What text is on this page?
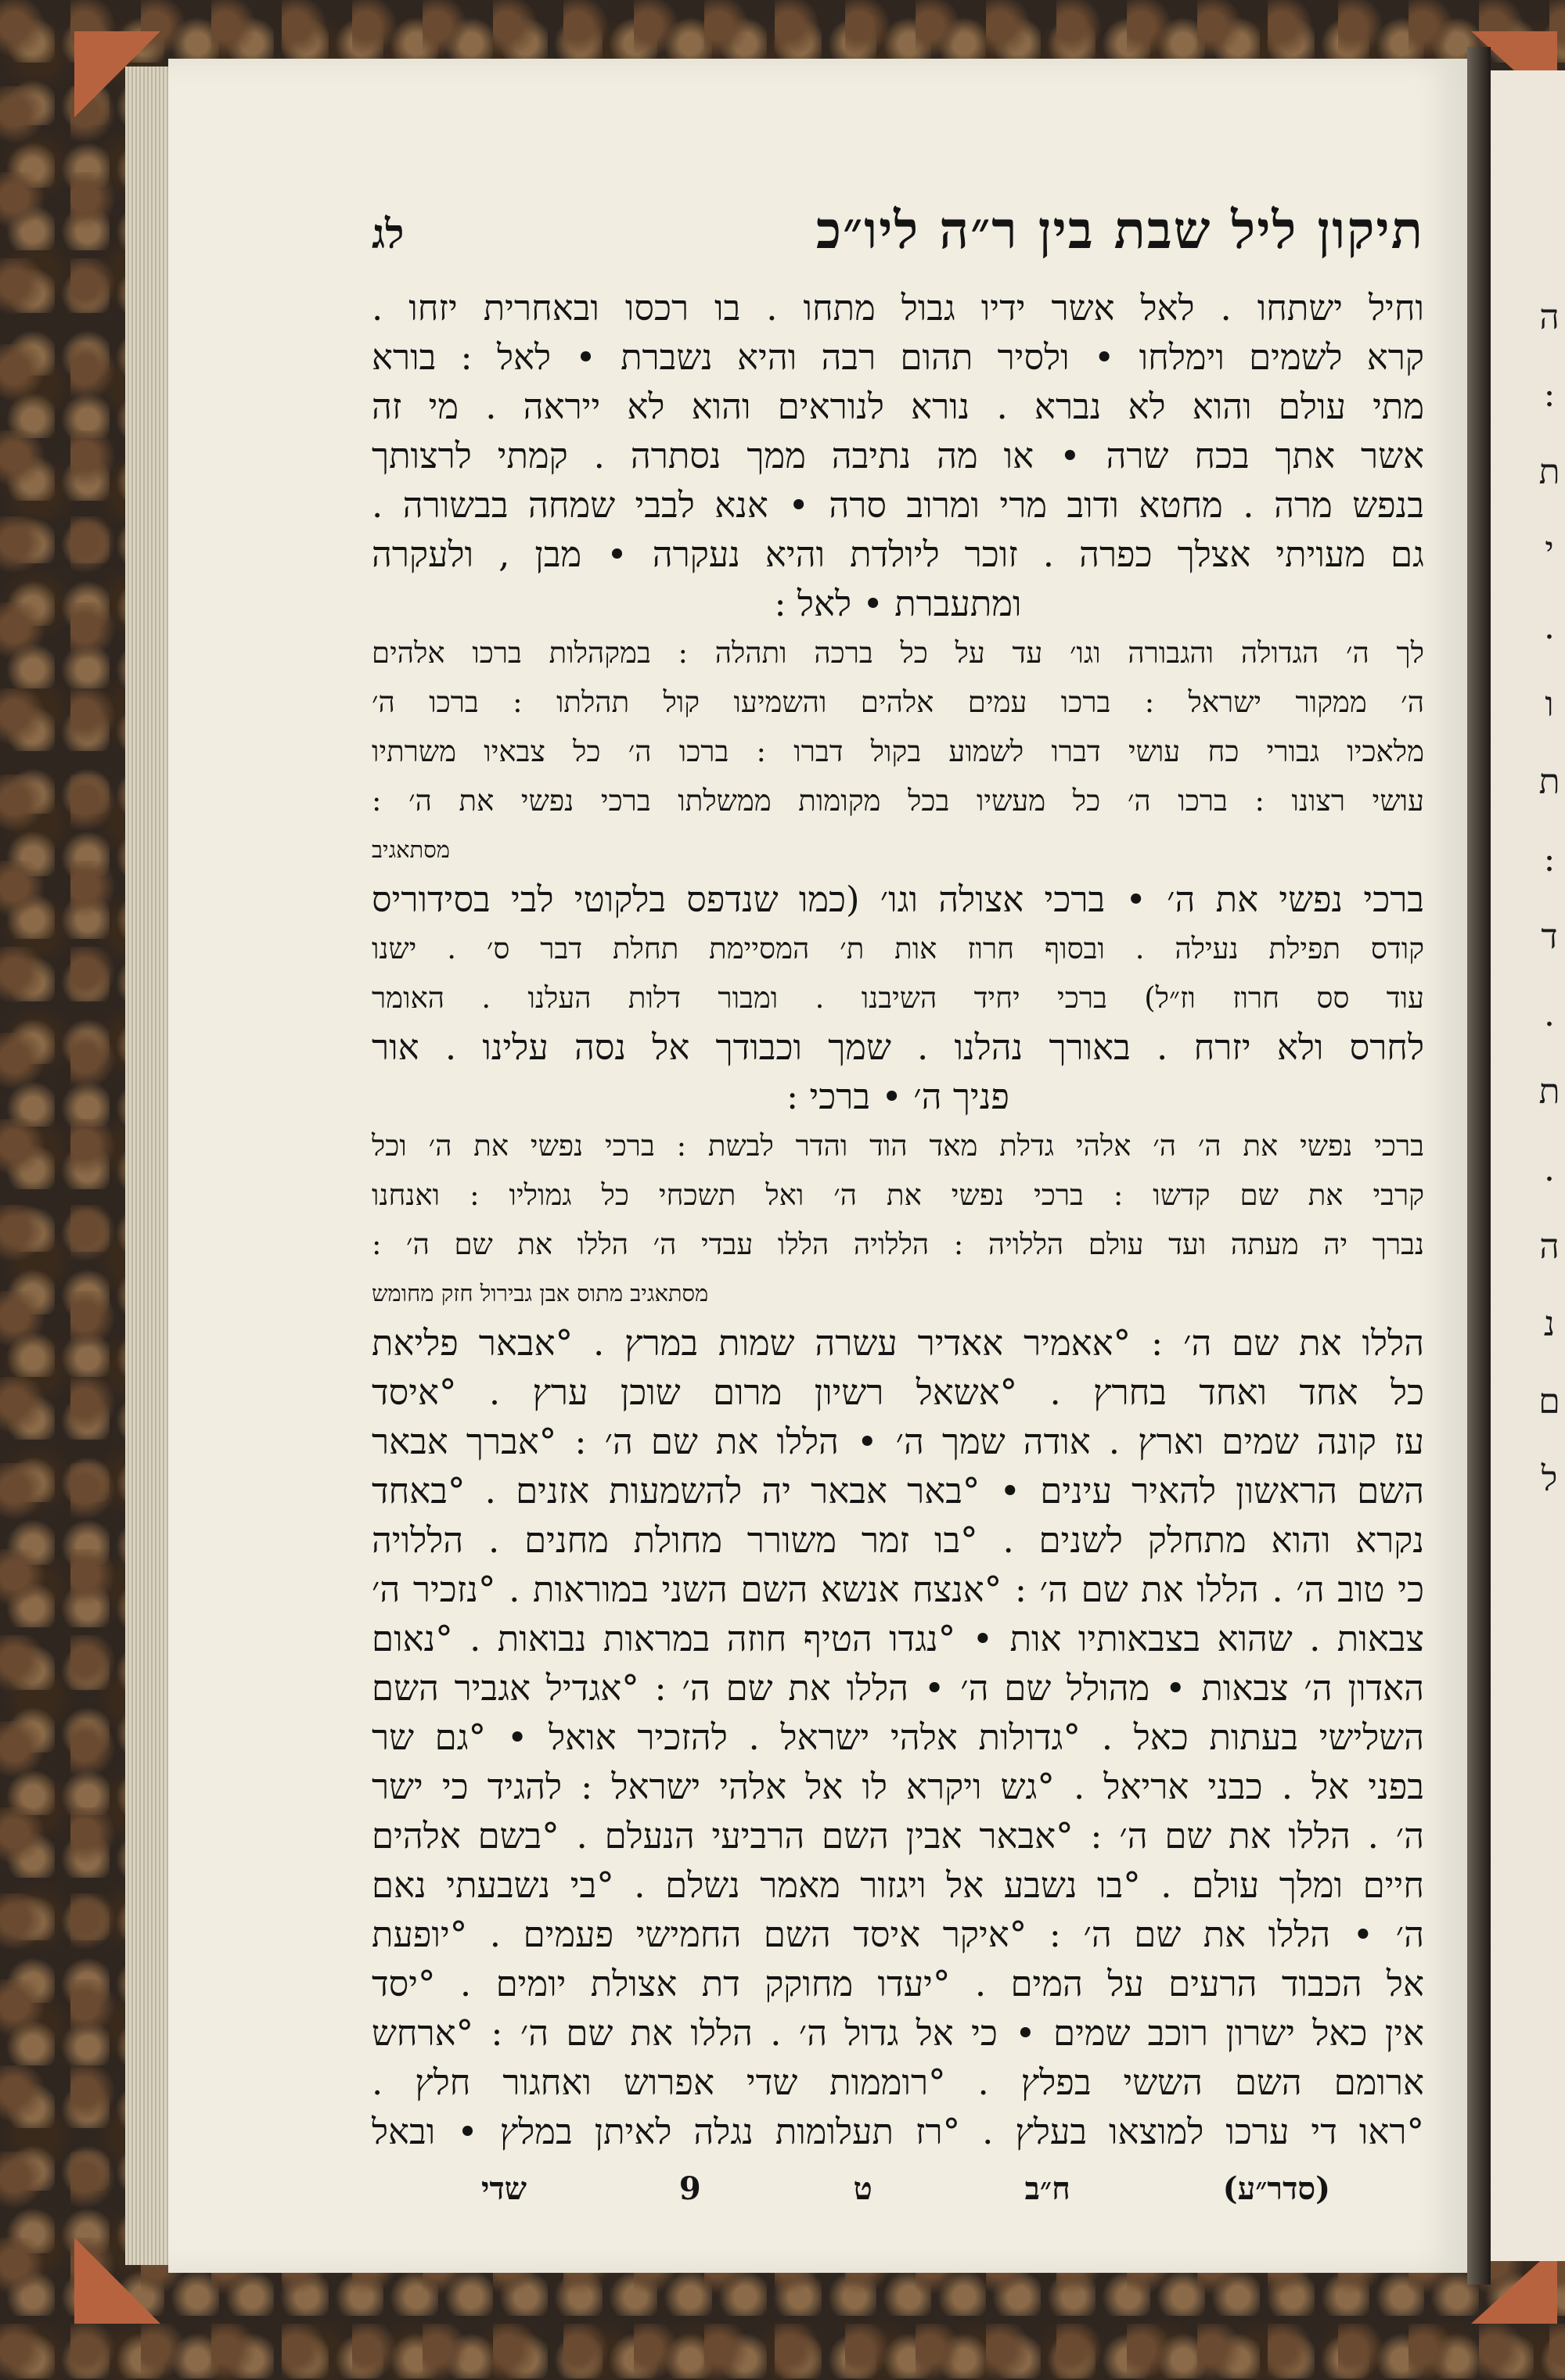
ה
:
ת
י
.
ו
ת
:
ד
.
ת
.
ה
נ
ם
ל
תיקון ליל שבת בין ר״ה ליו״כ
לג
וחיל ישתחו . לאל אשר ידיו גבול מתחו . בו רכסו ובאחרית יזחו .
קרא לשמים וימלחו • ולסיר תהום רבה והיא נשברת • לאל : בורא
מתי עולם והוא לא נברא . נורא לנוראים והוא לא ייראה . מי זה
אשר אתך בכח שרה • או מה נתיבה ממך נסתרה . קמתי לרצותך
בנפש מרה . מחטא ודוב מרי ומרוב סרה • אנא לבבי שמחה בבשורה .
גם מעויתי אצלך כפרה . זוכר ליולדת והיא נעקרה • מבן , ולעקרה
ומתעברת • לאל :
לך ה׳ הגדולה והגבורה וגו׳ עד על כל ברכה ותהלה : במקהלות ברכו אלהים
ה׳ ממקור ישראל : ברכו עמים אלהים והשמיעו קול תהלתו : ברכו ה׳
מלאכיו גבורי כח עושי דברו לשמוע בקול דברו : ברכו ה׳ כל צבאיו משרתיו
עושי רצונו : ברכו ה׳ כל מעשיו בכל מקומות ממשלתו ברכי נפשי את ה׳ :
מסתאגיב
ברכי נפשי את ה׳ • ברכי אצולה וגו׳ (כמו שנדפס בלקוטי לבי בסידוריס
קודס תפילת נעילה . ובסוף חרוז אות ת׳ המסיימת תחלת דבר ס׳ . ישנו
עוד סס חרוז וז״ל) ברכי יחיד השיבנו . ומבור דלות העלנו . האומר
לחרס ולא יזרח . באורך נהלנו . שמך וכבודך אל נסה עלינו . אור
פניך ה׳ • ברכי :
ברכי נפשי את ה׳ ה׳ אלהי גדלת מאד הוד והדר לבשת : ברכי נפשי את ה׳ וכל
קרבי את שם קדשו : ברכי נפשי את ה׳ ואל תשכחי כל גמוליו : ואנחנו
נברך יה מעתה ועד עולם הללויה : הללויה הללו עבדי ה׳ הללו את שם ה׳ :
מסתאגיב מתוס אבן גבירול חזק מחומש
הללו את שם ה׳ : °אאמיר אאדיר עשרה שמות במרץ . °אבאר פליאת
כל אחד ואחד בחרץ . °אשאל רשיון מרום שוכן ערץ . °איסד
עז קונה שמים וארץ . אודה שמך ה׳ • הללו את שם ה׳ : °אברך אבאר
השם הראשון להאיר עינים • °באר אבאר יה להשמעות אזנים . °באחד
נקרא והוא מתחלק לשנים . °בו זמר משורר מחולת מחנים . הללויה
כי טוב ה׳ . הללו את שם ה׳ : °אנצח אנשא השם השני במוראות . °נזכיר ה׳
צבאות . שהוא בצבאותיו אות • °נגדו הטיף חוזה במראות נבואות . °נאום
האדון ה׳ צבאות • מהולל שם ה׳ • הללו את שם ה׳ : °אגדיל אגביר השם
השלישי בעתות כאל . °גדולות אלהי ישראל . להזכיר אואל • °גם שר
בפני אל . כבני אריאל . °גש ויקרא לו אל אלהי ישראל : להגיד כי ישר
ה׳ . הללו את שם ה׳ : °אבאר אבין השם הרביעי הנעלם . °בשם אלהים
חיים ומלך עולם . °בו נשבע אל ויגזור מאמר נשלם . °בי נשבעתי נאם
ה׳ • הללו את שם ה׳ : °איקר איסד השם החמישי פעמים . °יופעת
אל הכבוד הרעים על המים . °יעדו מחוקק דת אצולת יומים . °יסד
אין כאל ישרון רוכב שמים • כי אל גדול ה׳ . הללו את שם ה׳ : °ארחש
ארומם השם הששי בפלץ . °רוממות שדי אפרוש ואחגור חלץ .
°ראו די ערכו למוצאו בעלץ . °רז תעלומות נגלה לאיתן במלץ • ובאל
(סדר״ע)
ח״ב
ט
9
שדי
